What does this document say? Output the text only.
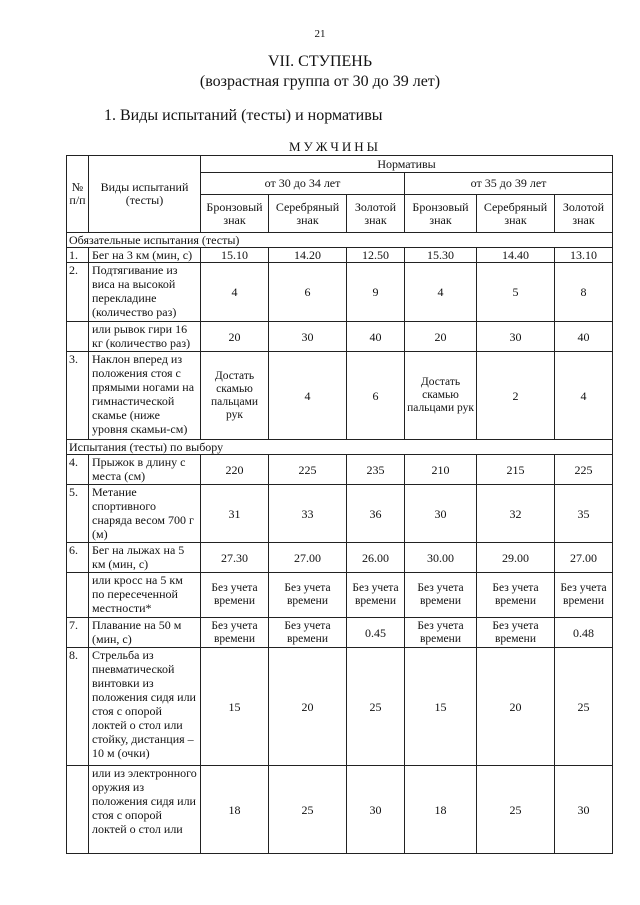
21
VII. СТУПЕНЬ
(возрастная группа от 30 до 39 лет)
1. Виды испытаний (тесты) и нормативы
МУЖЧИНЫ
№ п/п	Виды испытаний (тесты)	Нормативы					
		от 30 до 34 лет			от 35 до 39 лет		
		Бронзовый знак	Серебряный знак	Золотой знак	Бронзовый знак	Серебряный знак	Золотой знак
Обязательные испытания (тесты)							
1.	Бег на 3 км (мин, с)	15.10	14.20	12.50	15.30	14.40	13.10
2.	Подтягивание из виса на высокой перекладине (количество раз)	4	6	9	4	5	8
	или рывок гири 16 кг (количество раз)	20	30	40	20	30	40
3.	Наклон вперед из положения стоя с прямыми ногами на гимнастической скамье (ниже уровня скамьи-см)	Достать скамью пальцами рук	4	6	Достать скамью пальцами рук	2	4
Испытания (тесты) по выбору							
4.	Прыжок в длину с места (см)	220	225	235	210	215	225
5.	Метание спортивного снаряда весом 700 г (м)	31	33	36	30	32	35
6.	Бег на лыжах на 5 км (мин, с)	27.30	27.00	26.00	30.00	29.00	27.00
	или кросс на 5 км по пересеченной местности*	Без учета времени	Без учета времени	Без учета времени	Без учета времени	Без учета времени	Без учета времени
7.	Плавание на 50 м (мин, с)	Без учета времени	Без учета времени	0.45	Без учета времени	Без учета времени	0.48
8.	Стрельба из пневматической винтовки из положения сидя или стоя с опорой локтей о стол или стойку, дистанция – 10 м (очки)	15	20	25	15	20	25
	или из электронного оружия из положения сидя или стоя с опорой локтей о стол или	18	25	30	18	25	30
